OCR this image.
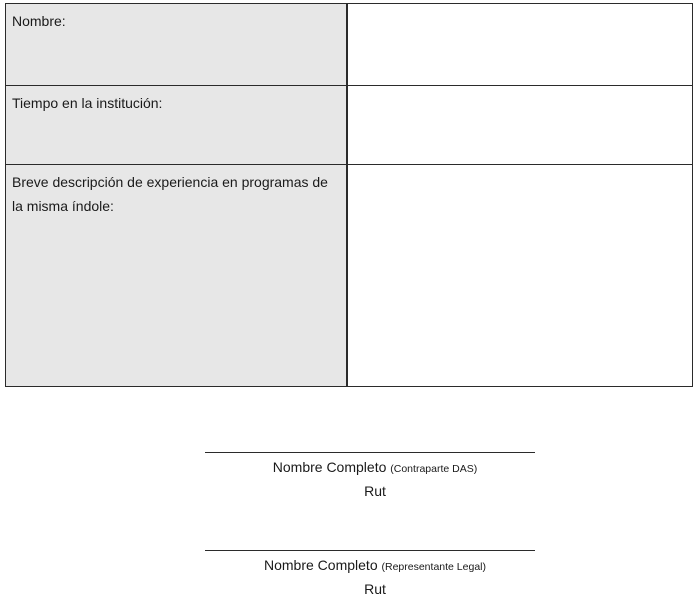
Nombre:
Tiempo en la institución:
Breve descripción de experiencia en programas de la misma índole:
Nombre Completo (Contraparte DAS)
Rut
Nombre Completo (Representante Legal)
Rut
